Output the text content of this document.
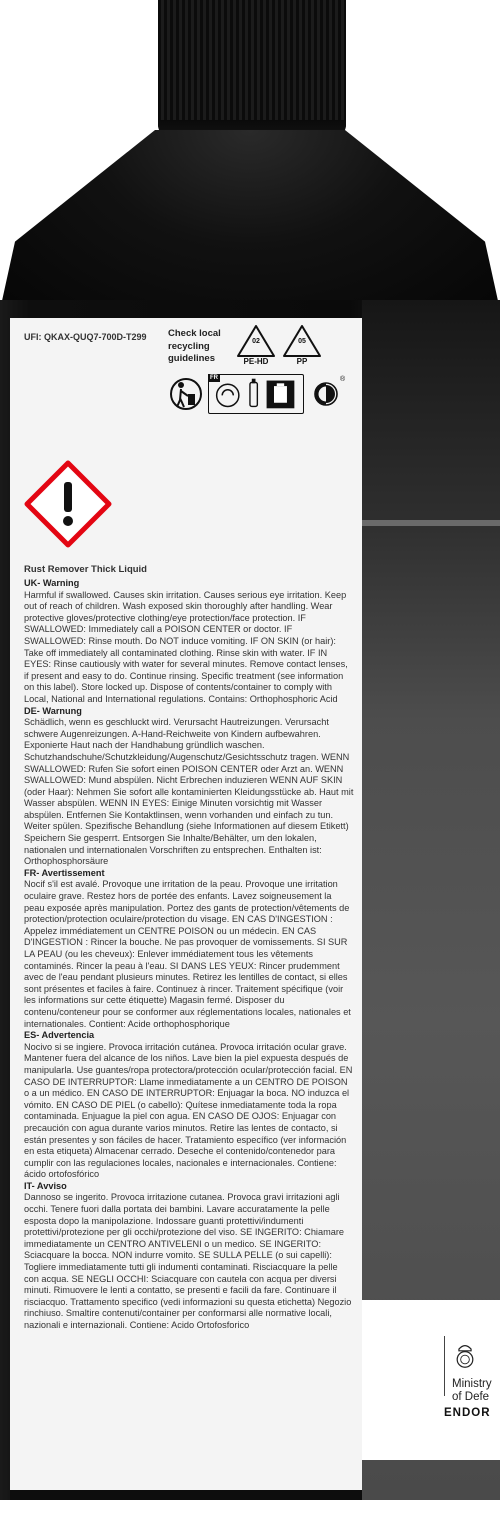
UFI: QKAX-QUQ7-700D-T299 Check local recycling guidelines
02
PE-HD
05
PP
FR	®
Rust Remover Thick Liquid

UK- Warning

Harmful if swallowed. Causes skin irritation. Causes serious eye irritation. Keep out of reach of children. Wash exposed skin thoroughly after handling. Wear protective gloves/protective clothing/eye protection/face protection. IF SWALLOWED: Immediately call a POISON CENTER or doctor. IF SWALLOWED: Rinse mouth. Do NOT induce vomiting. IF ON SKIN (or hair): Take off immediately all contaminated clothing. Rinse skin with water. IF IN EYES: Rinse cautiously with water for several minutes. Remove contact lenses, if present and easy to do. Continue rinsing. Specific treatment (see information on this label). Store locked up. Dispose of contents/container to comply with Local, National and International regulations. Contains: Orthophosphoric Acid

DE- Warnung

Schädlich, wenn es geschluckt wird. Verursacht Hautreizungen. Verursacht schwere Augenreizungen. A-Hand-Reichweite von Kindern aufbewahren. Exponierte Haut nach der Handhabung gründlich waschen. Schutzhandschuhe/Schutzkleidung/Augenschutz/Gesichtsschutz tragen. WENN SWALLOWED: Rufen Sie sofort einen POISON CENTER oder Arzt an. WENN SWALLOWED: Mund abspülen. Nicht Erbrechen induzieren WENN AUF SKIN (oder Haar): Nehmen Sie sofort alle kontaminierten Kleidungsstücke ab. Haut mit Wasser abspülen. WENN IN EYES: Einige Minuten vorsichtig mit Wasser abspülen. Entfernen Sie Kontaktlinsen, wenn vorhanden und einfach zu tun. Weiter spülen. Spezifische Behandlung (siehe Informationen auf diesem Etikett) Speichern Sie gesperrt. Entsorgen Sie Inhalte/Behälter, um den lokalen, nationalen und internationalen Vorschriften zu entsprechen. Enthalten ist: Orthophosphorsäure

FR- Avertissement

Nocif s'il est avalé. Provoque une irritation de la peau. Provoque une irritation oculaire grave. Restez hors de portée des enfants. Lavez soigneusement la peau exposée après manipulation. Portez des gants de protection/vêtements de protection/protection oculaire/protection du visage. EN CAS D'INGESTION : Appelez immédiatement un CENTRE POISON ou un médecin. EN CAS D'INGESTION : Rincer la bouche. Ne pas provoquer de vomissements. SI SUR LA PEAU (ou les cheveux): Enlever immédiatement tous les vêtements contaminés. Rincer la peau à l'eau. SI DANS LES YEUX: Rincer prudemment avec de l'eau pendant plusieurs minutes. Retirez les lentilles de contact, si elles sont présentes et faciles à faire. Continuez à rincer. Traitement spécifique (voir les informations sur cette étiquette) Magasin fermé. Disposer du contenu/conteneur pour se conformer aux réglementations locales, nationales et internationales. Contient: Acide orthophosphorique

ES- Advertencia

Nocivo si se ingiere. Provoca irritación cutánea. Provoca irritación ocular grave. Mantener fuera del alcance de los niños. Lave bien la piel expuesta después de manipularla. Use guantes/ropa protectora/protección ocular/protección facial. EN CASO DE INTERRUPTOR: Llame inmediatamente a un CENTRO DE POISON o a un médico. EN CASO DE INTERRUPTOR: Enjuagar la boca. NO induzca el vómito. EN CASO DE PIEL (o cabello): Quítese inmediatamente toda la ropa contaminada. Enjuague la piel con agua. EN CASO DE OJOS: Enjuagar con precaución con agua durante varios minutos. Retire las lentes de contacto, si están presentes y son fáciles de hacer. Tratamiento específico (ver información en esta etiqueta) Almacenar cerrado. Deseche el contenido/contenedor para cumplir con las regulaciones locales, nacionales e internacionales. Contiene: ácido ortofosfórico

IT- Avviso

Dannoso se ingerito. Provoca irritazione cutanea. Provoca gravi irritazioni agli occhi. Tenere fuori dalla portata dei bambini. Lavare accuratamente la pelle esposta dopo la manipolazione. Indossare guanti protettivi/indumenti protettivi/protezione per gli occhi/protezione del viso. SE INGERITO: Chiamare immediatamente un CENTRO ANTIVELENI o un medico. SE INGERITO: Sciacquare la bocca. NON indurre vomito. SE SULLA PELLE (o sui capelli): Togliere immediatamente tutti gli indumenti contaminati. Risciacquare la pelle con acqua. SE NEGLI OCCHI: Sciacquare con cautela con acqua per diversi minuti. Rimuovere le lenti a contatto, se presenti e facili da fare. Continuare il risciacquo. Trattamento specifico (vedi informazioni su questa etichetta) Negozio rinchiuso. Smaltire contenuti/container per conformarsi alle normative locali, nazionali e internazionali. Contiene: Acido Ortofosforico

Ministry
of Defe
ENDOR
